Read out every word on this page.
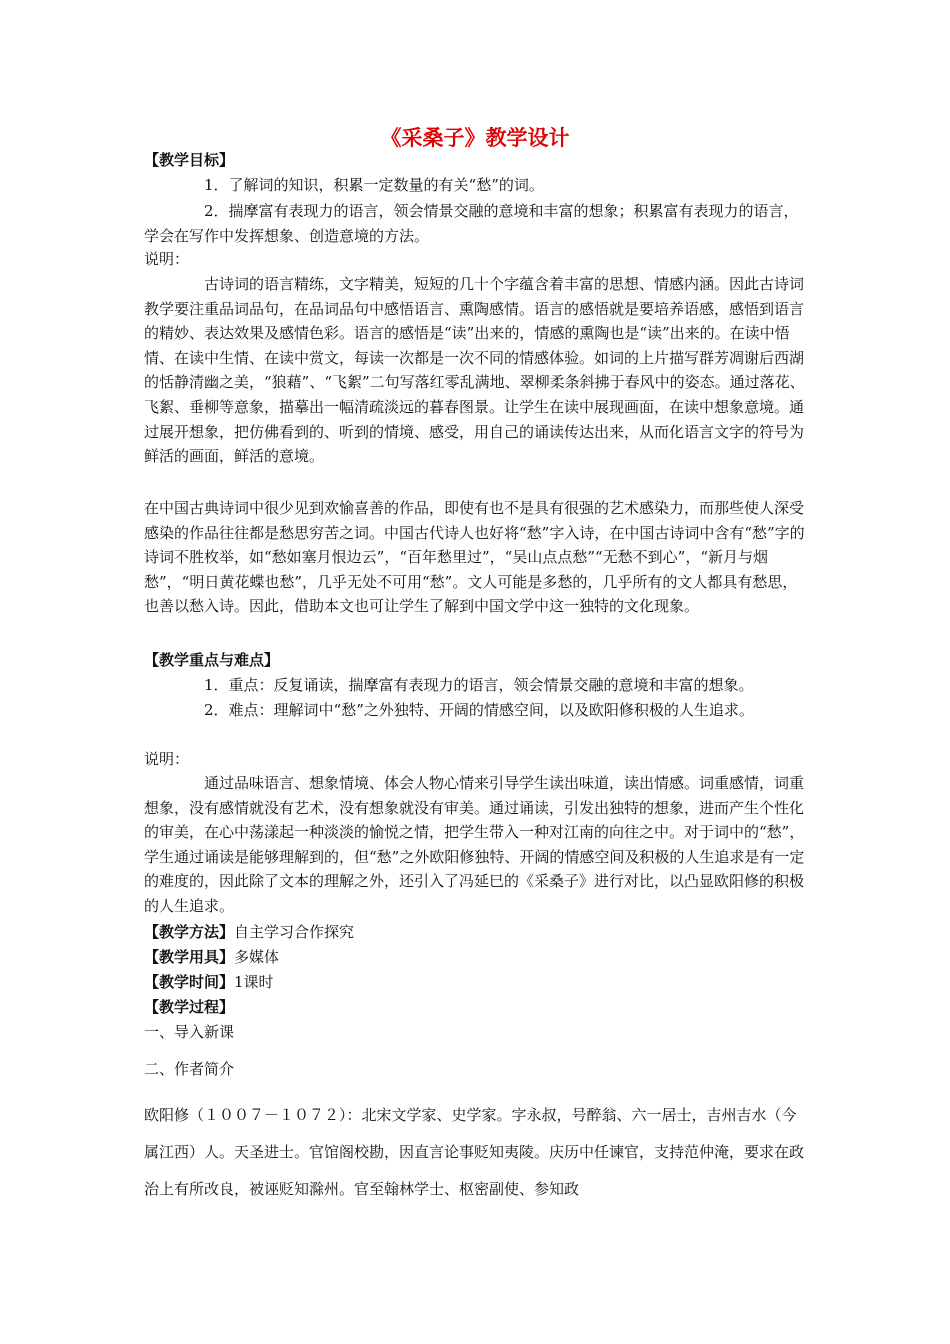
《采桑子》教学设计

【教学目标】

1．了解词的知识，积累一定数量的有关“愁”的词。

2．揣摩富有表现力的语言，领会情景交融的意境和丰富的想象；积累富有表现力的语言，学会在写作中发挥想象、创造意境的方法。

说明：

古诗词的语言精练，文字精美，短短的几十个字蕴含着丰富的思想、情感内涵。因此古诗词教学要注重品词品句，在品词品句中感悟语言、熏陶感情。语言的感悟就是要培养语感，感悟到语言的精妙、表达效果及感情色彩。语言的感悟是“读”出来的，情感的熏陶也是“读”出来的。在读中悟情、在读中生情、在读中赏文，每读一次都是一次不同的情感体验。如词的上片描写群芳凋谢后西湖的恬静清幽之美，“狼藉”、“飞絮”二句写落红零乱满地、翠柳柔条斜拂于春风中的姿态。通过落花、飞絮、垂柳等意象，描摹出一幅清疏淡远的暮春图景。让学生在读中展现画面，在读中想象意境。通过展开想象，把仿佛看到的、听到的情境、感受，用自己的诵读传达出来，从而化语言文字的符号为鲜活的画面，鲜活的意境。

在中国古典诗词中很少见到欢愉喜善的作品，即使有也不是具有很强的艺术感染力，而那些使人深受感染的作品往往都是愁思穷苦之词。中国古代诗人也好将“愁”字入诗，在中国古诗词中含有“愁”字的诗词不胜枚举，如“愁如塞月恨边云”，“百年愁里过”，“吴山点点愁”“无愁不到心”，“新月与烟愁”，“明日黄花蝶也愁”，几乎无处不可用“愁”。文人可能是多愁的，几乎所有的文人都具有愁思，也善以愁入诗。因此，借助本文也可让学生了解到中国文学中这一独特的文化现象。

【教学重点与难点】

1．重点：反复诵读，揣摩富有表现力的语言，领会情景交融的意境和丰富的想象。

2．难点：理解词中“愁”之外独特、开阔的情感空间，以及欧阳修积极的人生追求。

说明：

通过品味语言、想象情境、体会人物心情来引导学生读出味道，读出情感。词重感情，词重想象，没有感情就没有艺术，没有想象就没有审美。通过诵读，引发出独特的想象，进而产生个性化的审美，在心中荡漾起一种淡淡的愉悦之情，把学生带入一种对江南的向往之中。对于词中的“愁”，学生通过诵读是能够理解到的，但“愁”之外欧阳修独特、开阔的情感空间及积极的人生追求是有一定的难度的，因此除了文本的理解之外，还引入了冯延巳的《采桑子》进行对比，以凸显欧阳修的积极的人生追求。

【教学方法】自主学习合作探究

【教学用具】多媒体

【教学时间】1课时

【教学过程】

一、导入新课

二、作者简介

欧阳修（１００７－１０７２）：北宋文学家、史学家。字永叔，号醉翁、六一居士，吉州吉水（今属江西）人。天圣进士。官馆阁校勘，因直言论事贬知夷陵。庆历中任谏官，支持范仲淹，要求在政治上有所改良，被诬贬知滁州。官至翰林学士、枢密副使、参知政
